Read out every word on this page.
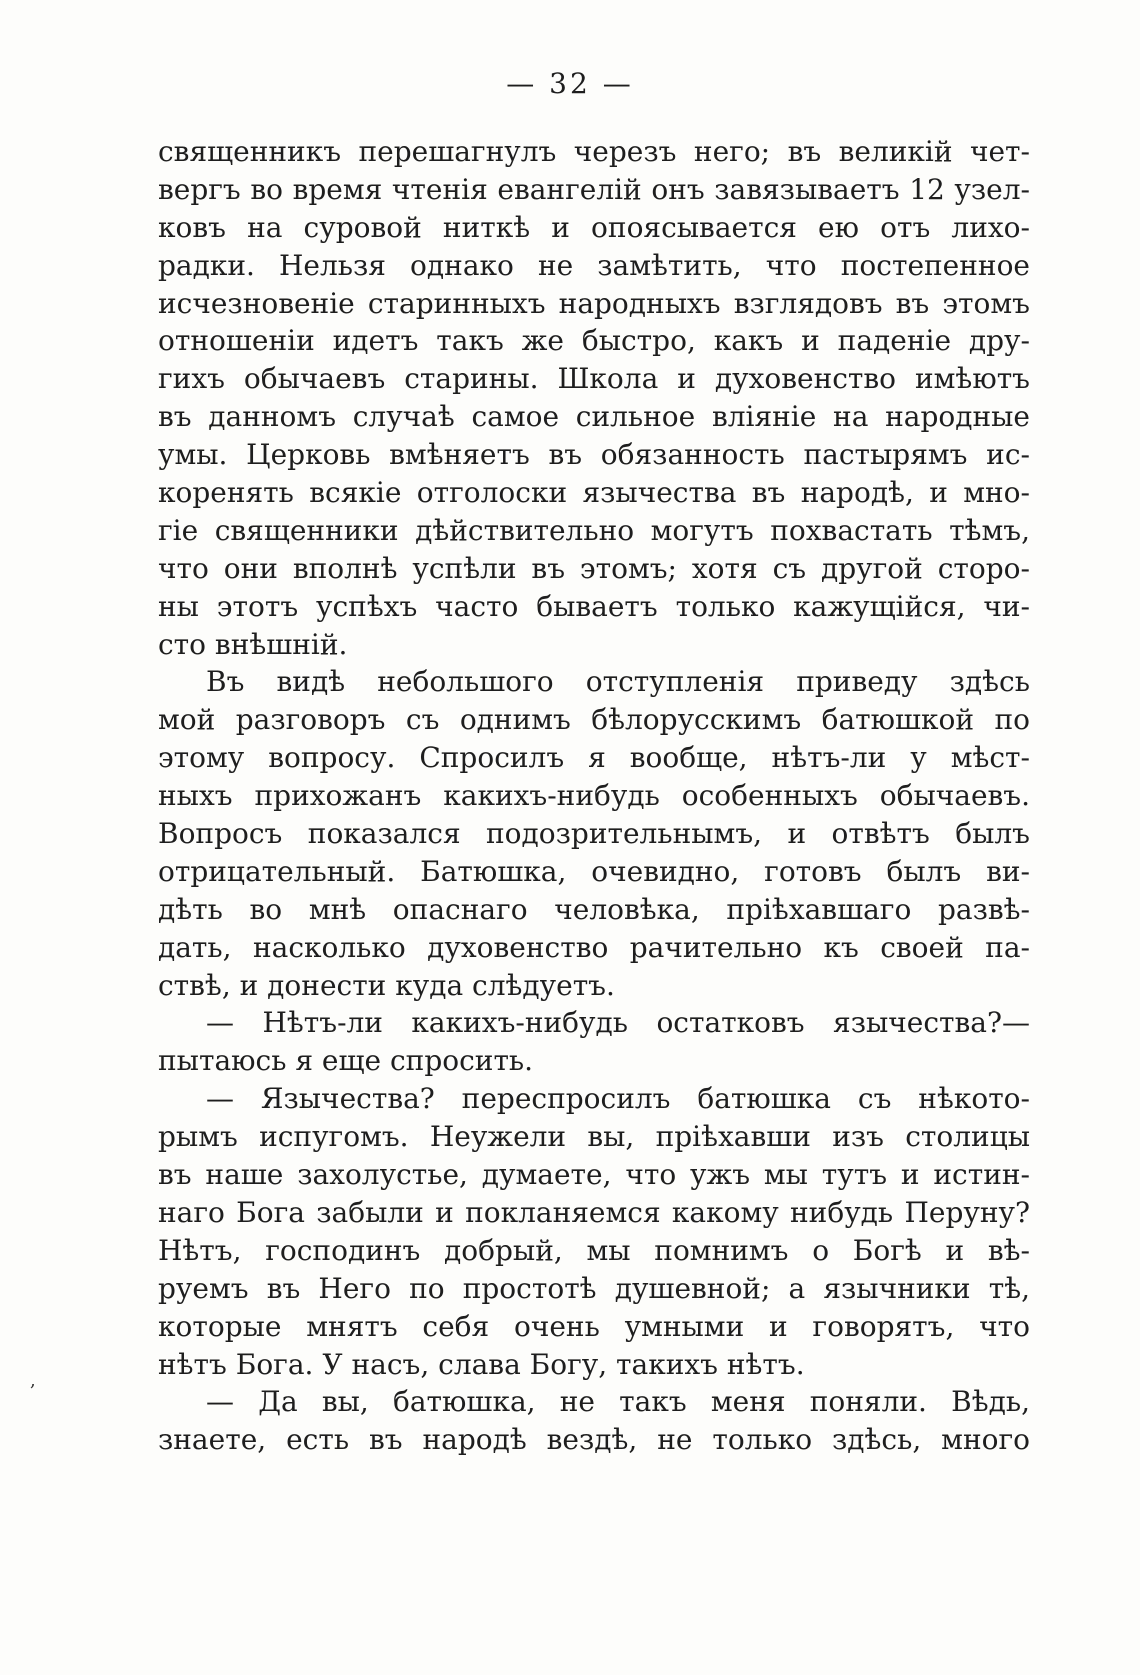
— 32 —
священникъ перешагнулъ черезъ него; въ великій чет-
вергъ во время чтенія евангелій онъ завязываетъ 12 узел-
ковъ на суровой ниткѣ и опоясывается ею отъ лихо-
радки. Нельзя однако не замѣтить, что постепенное
исчезновеніе старинныхъ народныхъ взглядовъ въ этомъ
отношеніи идетъ такъ же быстро, какъ и паденіе дру-
гихъ обычаевъ старины. Школа и духовенство имѣютъ
въ данномъ случаѣ самое сильное вліяніе на народные
умы. Церковь вмѣняетъ въ обязанность пастырямъ ис-
коренять всякіе отголоски язычества въ народѣ, и мно-
гіе священники дѣйствительно могутъ похвастать тѣмъ,
что они вполнѣ успѣли въ этомъ; хотя съ другой сторо-
ны этотъ успѣхъ часто бываетъ только кажущійся, чи-
сто внѣшній.
Въ видѣ небольшого отступленія приведу здѣсь
мой разговоръ съ однимъ бѣлорусскимъ батюшкой по
этому вопросу. Спросилъ я вообще, нѣтъ-ли у мѣст-
ныхъ прихожанъ какихъ-нибудь особенныхъ обычаевъ.
Вопросъ показался подозрительнымъ, и отвѣтъ былъ
отрицательный. Батюшка, очевидно, готовъ былъ ви-
дѣть во мнѣ опаснаго человѣка, пріѣхавшаго развѣ-
дать, насколько духовенство рачительно къ своей па-
ствѣ, и донести куда слѣдуетъ.
— Нѣтъ-ли какихъ-нибудь остатковъ язычества?—
пытаюсь я еще спросить.
— Язычества? переспросилъ батюшка съ нѣкото-
рымъ испугомъ. Неужели вы, пріѣхавши изъ столицы
въ наше захолустье, думаете, что ужъ мы тутъ и истин-
наго Бога забыли и покланяемся какому нибудь Перуну?
Нѣтъ, господинъ добрый, мы помнимъ о Богѣ и вѣ-
руемъ въ Него по простотѣ душевной; а язычники тѣ,
которые мнятъ себя очень умными и говорятъ, что
нѣтъ Бога. У насъ, слава Богу, такихъ нѣтъ.
— Да вы, батюшка, не такъ меня поняли. Вѣдь,
знаете, есть въ народѣ вездѣ, не только здѣсь, много
,
